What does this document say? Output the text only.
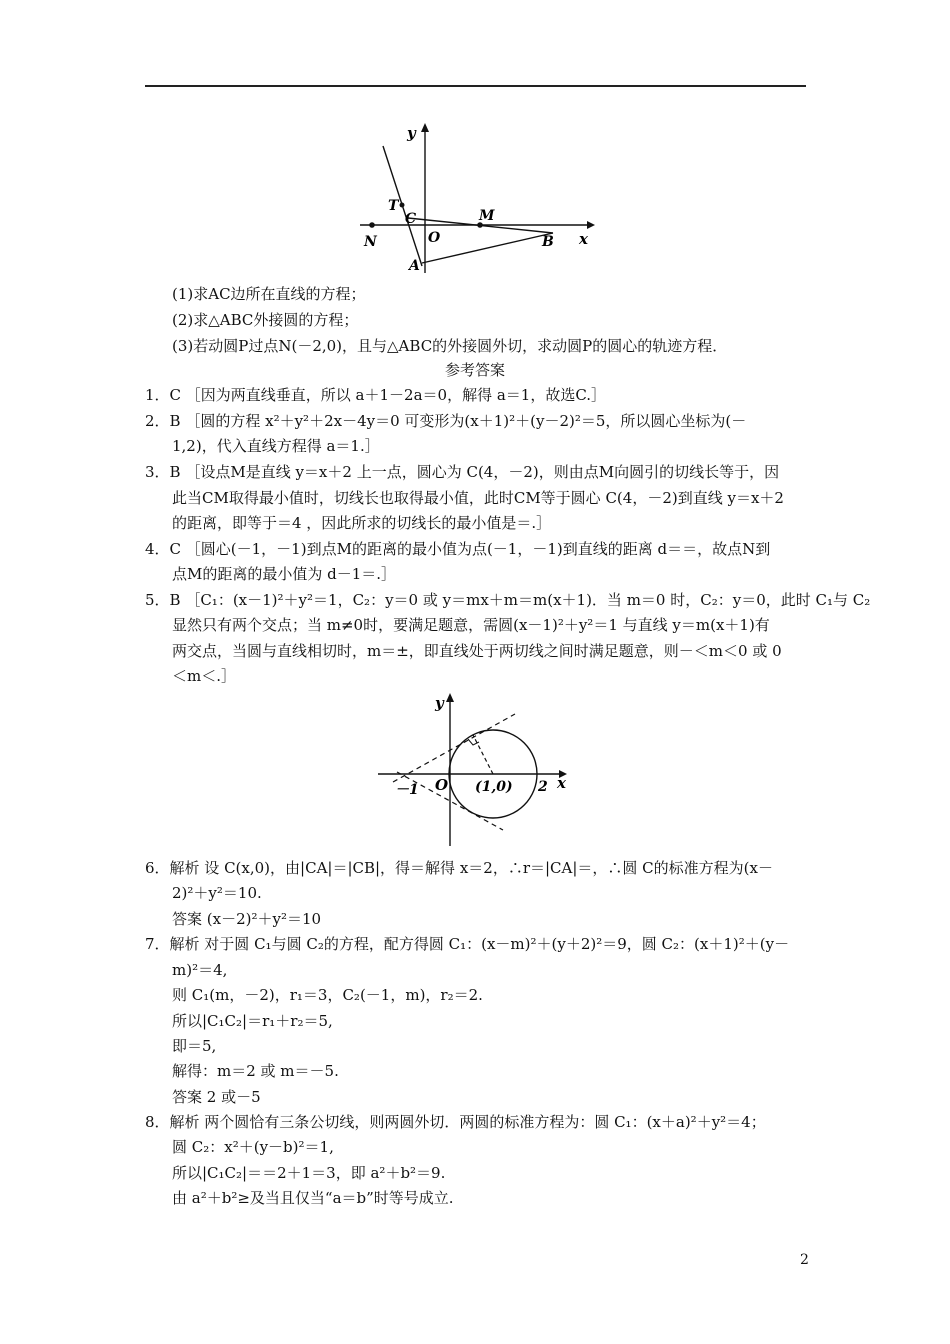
y
x
T
C	M
N	O	B
A
(1)求AC边所在直线的方程；
(2)求△ABC外接圆的方程；
(3)若动圆P过点N(－2,0)，且与△ABC的外接圆外切，求动圆P的圆心的轨迹方程．
参考答案
1．C ［因为两直线垂直，所以 a＋1－2a＝0，解得 a＝1，故选C.］
2．B ［圆的方程 x²＋y²＋2x－4y＝0 可变形为(x＋1)²＋(y－2)²＝5，所以圆心坐标为(－
1,2)，代入直线方程得 a＝1.］
3．B ［设点M是直线 y＝x＋2 上一点，圆心为 C(4，－2)，则由点M向圆引的切线长等于，因
此当CM取得最小值时，切线长也取得最小值，此时CM等于圆心 C(4，－2)到直线 y＝x＋2
的距离，即等于＝4 ，因此所求的切线长的最小值是＝.］
4．C ［圆心(－1，－1)到点M的距离的最小值为点(－1，－1)到直线的距离 d＝＝，故点N到
点M的距离的最小值为 d－1＝.］
5．B ［C₁：(x－1)²＋y²＝1，C₂：y＝0 或 y＝mx＋m＝m(x＋1)．当 m＝0 时，C₂：y＝0，此时 C₁与 C₂
显然只有两个交点；当 m≠0时，要满足题意，需圆(x－1)²＋y²＝1 与直线 y＝m(x＋1)有
两交点，当圆与直线相切时，m＝±，即直线处于两切线之间时满足题意，则－＜m＜0 或 0
＜m＜.］
y
x
O
－1	(1,0) 2
6．解析 设 C(x,0)，由|CA|＝|CB|，得＝解得 x＝2，∴r＝|CA|＝，∴圆 C的标准方程为(x－
2)²＋y²＝10.
答案 (x－2)²＋y²＝10
7．解析 对于圆 C₁与圆 C₂的方程，配方得圆 C₁：(x－m)²＋(y＋2)²＝9，圆 C₂：(x＋1)²＋(y－
m)²＝4,
则 C₁(m，－2)，r₁＝3，C₂(－1，m)，r₂＝2.
所以|C₁C₂|＝r₁＋r₂＝5,
即＝5,
解得：m＝2 或 m＝－5.
答案 2 或－5
8．解析 两个圆恰有三条公切线，则两圆外切．两圆的标准方程为：圆 C₁：(x＋a)²＋y²＝4；
圆 C₂：x²＋(y－b)²＝1,
所以|C₁C₂|＝＝2＋1＝3，即 a²＋b²＝9.
由 a²＋b²≥及当且仅当“a＝b”时等号成立.
2
